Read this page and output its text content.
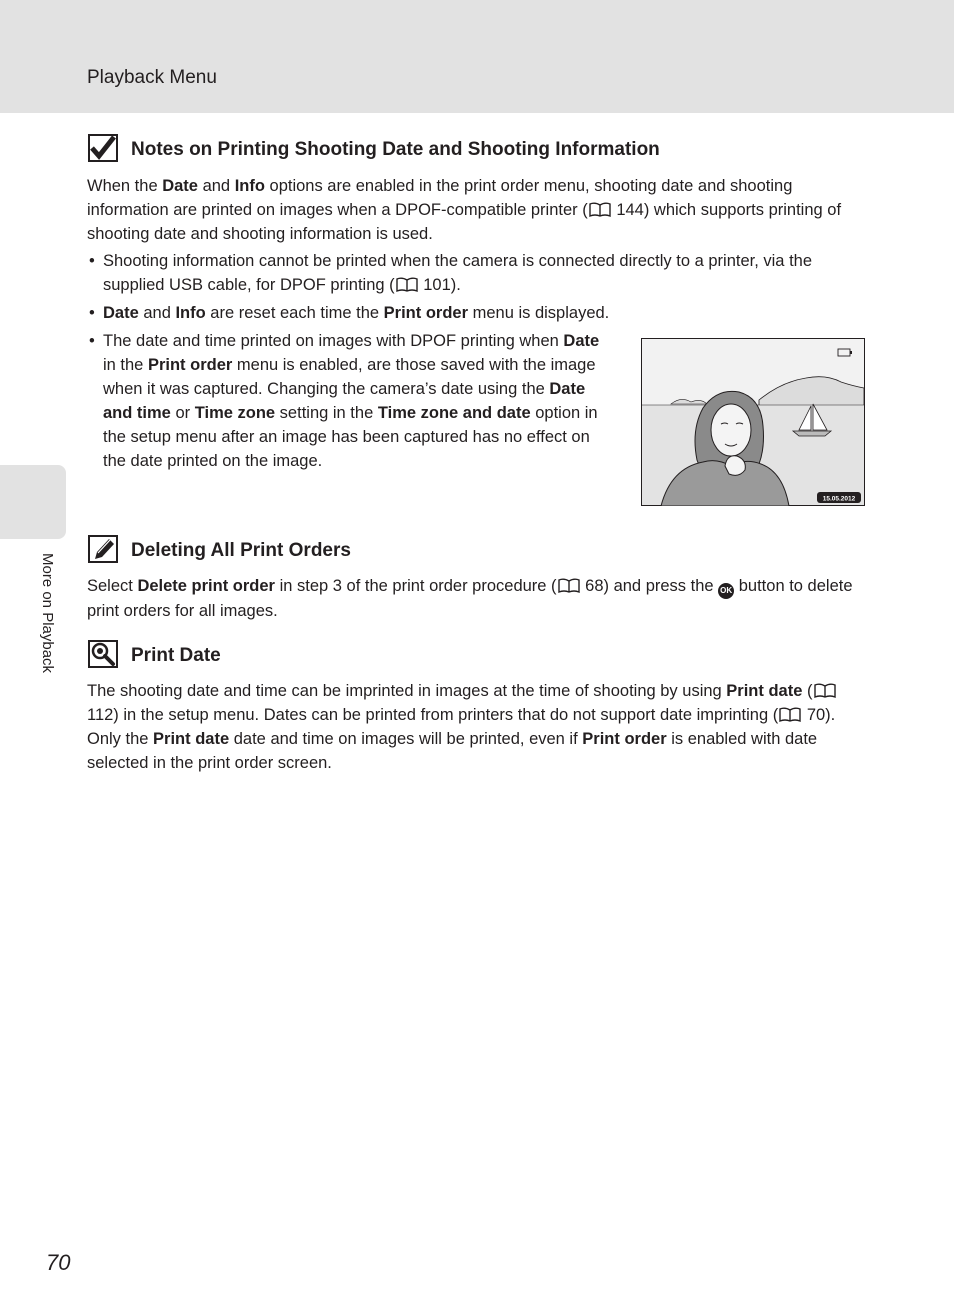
Playback Menu
More on Playback
Notes on Printing Shooting Date and Shooting Information
When the Date and Info options are enabled in the print order menu, shooting date and shooting information are printed on images when a DPOF-compatible printer ( 144) which supports printing of shooting date and shooting information is used.
• Shooting information cannot be printed when the camera is connected directly to a printer, via the supplied USB cable, for DPOF printing ( 101).
• Date and Info are reset each time the Print order menu is displayed.
• The date and time printed on images with DPOF printing when Date in the Print order menu is enabled, are those saved with the image when it was captured. Changing the camera’s date using the Date and time or Time zone setting in the Time zone and date option in the setup menu after an image has been captured has no effect on the date printed on the image.
15.05.2012
Deleting All Print Orders
Select Delete print order in step 3 of the print order procedure ( 68) and press the OK button to delete print orders for all images.
Print Date
The shooting date and time can be imprinted in images at the time of shooting by using Print date ( 112) in the setup menu. Dates can be printed from printers that do not support date imprinting ( 70). Only the Print date date and time on images will be printed, even if Print order is enabled with date selected in the print order screen.
70
